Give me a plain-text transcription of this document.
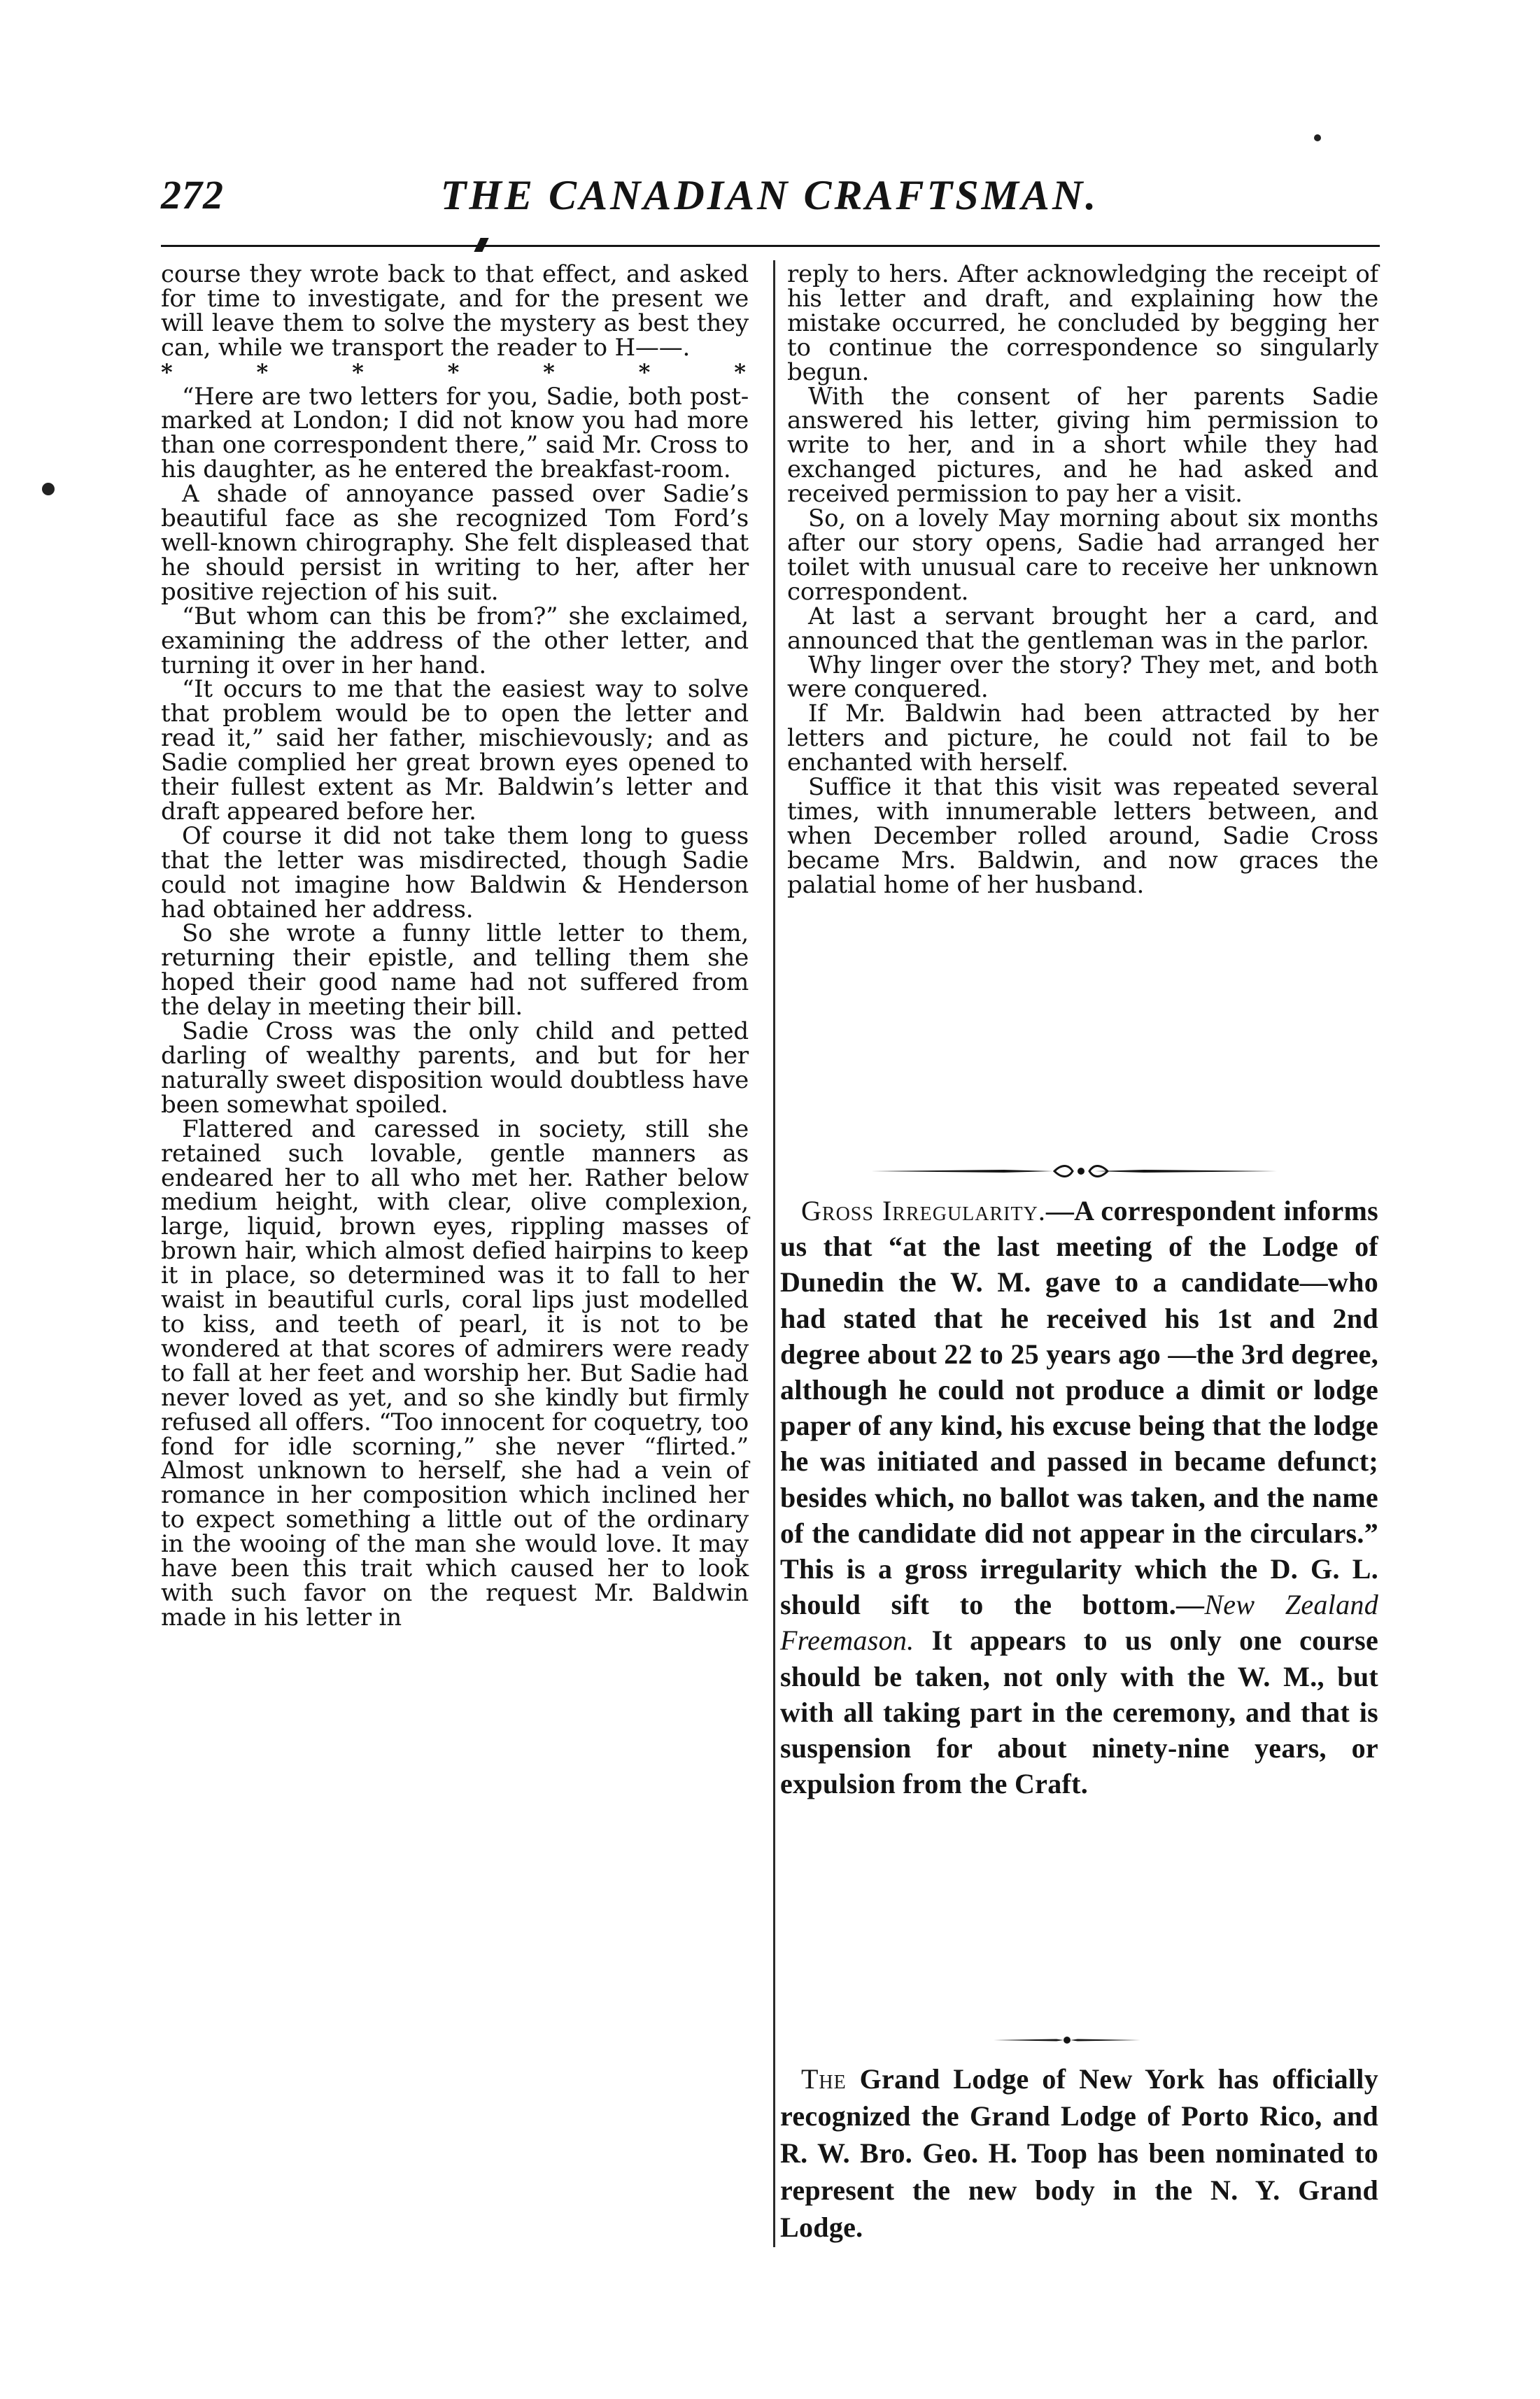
272	THE CANADIAN CRAFTSMAN.

course they wrote back to that effect, and asked for time to investigate, and for the present we will leave them to solve the mystery as best they can, while we transport the reader to H——.

*	*	*	*	*	*	*

“Here are two letters for you, Sadie, both post-marked at London; I did not know you had more than one correspondent there,” said Mr. Cross to his daughter, as he entered the breakfast-room.

A shade of annoyance passed over Sadie’s beautiful face as she recognized Tom Ford’s well-known chirography. She felt displeased that he should persist in writing to her, after her positive rejection of his suit.

“But whom can this be from?” she exclaimed, examining the address of the other letter, and turning it over in her hand.

“It occurs to me that the easiest way to solve that problem would be to open the letter and read it,” said her father, mischievously; and as Sadie complied her great brown eyes opened to their fullest extent as Mr. Baldwin’s letter and draft appeared before her.

Of course it did not take them long to guess that the letter was misdirected, though Sadie could not imagine how Baldwin & Henderson had obtained her address.

So she wrote a funny little letter to them, returning their epistle, and telling them she hoped their good name had not suffered from the delay in meeting their bill.

Sadie Cross was the only child and petted darling of wealthy parents, and but for her naturally sweet disposition would doubtless have been somewhat spoiled.

Flattered and caressed in society, still she retained such lovable, gentle manners as endeared her to all who met her. Rather below medium height, with clear, olive complexion, large, liquid, brown eyes, rippling masses of brown hair, which almost defied hairpins to keep it in place, so determined was it to fall to her waist in beautiful curls, coral lips just modelled to kiss, and teeth of pearl, it is not to be wondered at that scores of admirers were ready to fall at her feet and worship her. But Sadie had never loved as yet, and so she kindly but firmly refused all offers. “Too innocent for coquetry, too fond for idle scorning,” she never “flirted.” Almost unknown to herself, she had a vein of romance in her composition which inclined her to expect something a little out of the ordinary in the wooing of the man she would love. It may have been this trait which caused her to look with such favor on the request Mr. Baldwin made in his letter in

reply to hers. After acknowledging the receipt of his letter and draft, and explaining how the mistake occurred, he concluded by begging her to continue the correspondence so singularly begun.

With the consent of her parents Sadie answered his letter, giving him permission to write to her, and in a short while they had exchanged pictures, and he had asked and received permission to pay her a visit.

So, on a lovely May morning about six months after our story opens, Sadie had arranged her toilet with unusual care to receive her unknown correspondent.

At last a servant brought her a card, and announced that the gentleman was in the parlor.

Why linger over the story? They met, and both were conquered.

If Mr. Baldwin had been attracted by her letters and picture, he could not fail to be enchanted with herself.

Suffice it that this visit was repeated several times, with innumerable letters between, and when December rolled around, Sadie Cross became Mrs. Baldwin, and now graces the palatial home of her husband.

Gross Irregularity.—A correspondent informs us that “at the last meeting of the Lodge of Dunedin the W. M. gave to a candidate—who had stated that he received his 1st and 2nd degree about 22 to 25 years ago —the 3rd degree, although he could not produce a dimit or lodge paper of any kind, his excuse being that the lodge he was initiated and passed in became defunct; besides which, no ballot was taken, and the name of the candidate did not appear in the circulars.” This is a gross irregularity which the D. G. L. should sift to the bottom.—New Zealand Freemason. It appears to us only one course should be taken, not only with the W. M., but with all taking part in the ceremony, and that is suspension for about ninety-nine years, or expulsion from the Craft.

The Grand Lodge of New York has officially recognized the Grand Lodge of Porto Rico, and R. W. Bro. Geo. H. Toop has been nominated to represent the new body in the N. Y. Grand Lodge.
